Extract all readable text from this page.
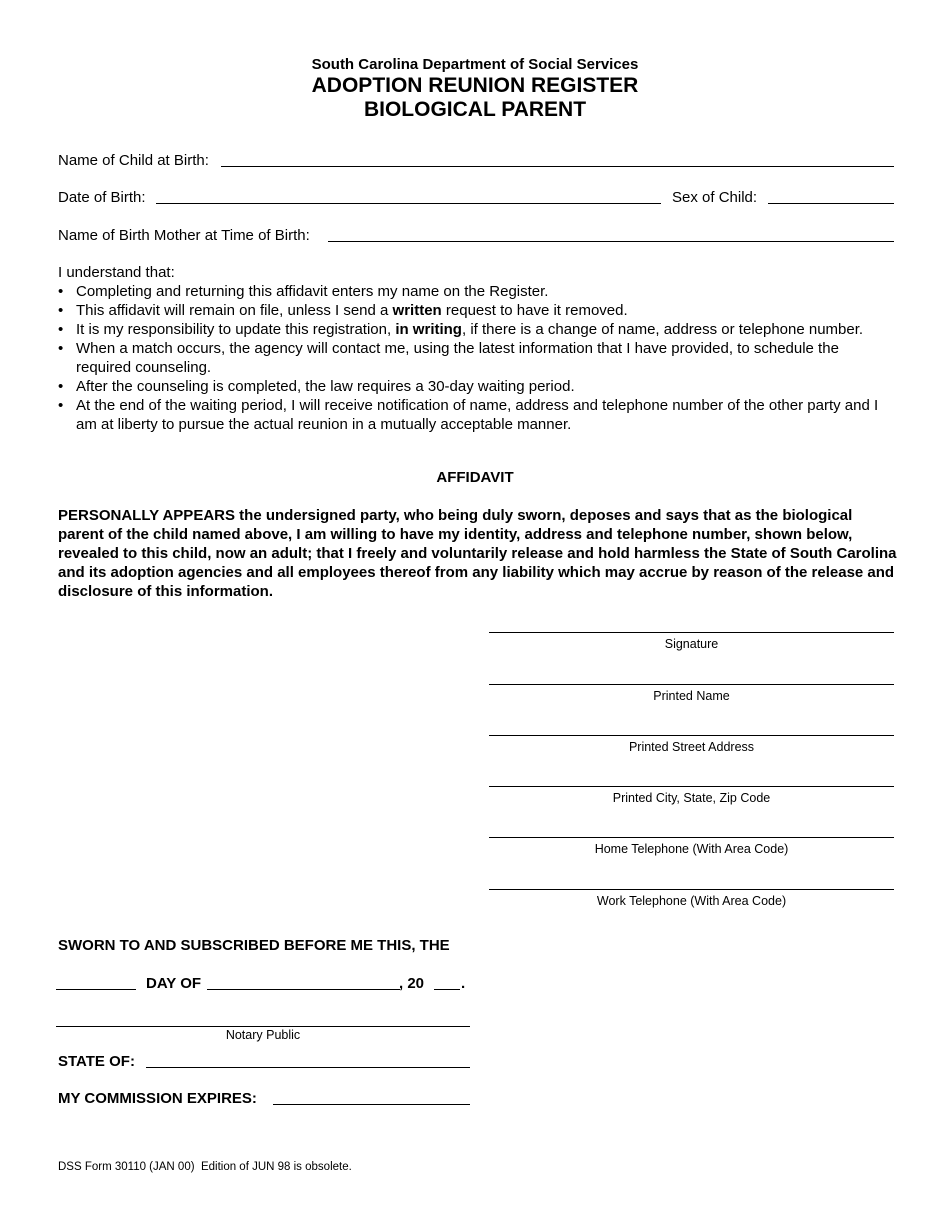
South Carolina Department of Social Services
ADOPTION REUNION REGISTER
BIOLOGICAL PARENT
Name of Child at Birth:
Date of Birth:	Sex of Child:
Name of Birth Mother at Time of Birth:
I understand that:
• Completing and returning this affidavit enters my name on the Register.
• This affidavit will remain on file, unless I send a written request to have it removed.
• It is my responsibility to update this registration, in writing, if there is a change of name, address or telephone number.
• When a match occurs, the agency will contact me, using the latest information that I have provided, to schedule the required counseling.
• After the counseling is completed, the law requires a 30-day waiting period.
• At the end of the waiting period, I will receive notification of name, address and telephone number of the other party and I am at liberty to pursue the actual reunion in a mutually acceptable manner.
AFFIDAVIT
PERSONALLY APPEARS the undersigned party, who being duly sworn, deposes and says that as the biological parent of the child named above, I am willing to have my identity, address and telephone number, shown below, revealed to this child, now an adult; that I freely and voluntarily release and hold harmless the State of South Carolina and its adoption agencies and all employees thereof from any liability which may accrue by reason of the release and disclosure of this information.
Signature
Printed Name
Printed Street Address
Printed City, State, Zip Code
Home Telephone (With Area Code)
Work Telephone (With Area Code)
SWORN TO AND SUBSCRIBED BEFORE ME THIS, THE
DAY OF	, 20 .
Notary Public
STATE OF:
MY COMMISSION EXPIRES:
DSS Form 30110 (JAN 00)  Edition of JUN 98 is obsolete.
